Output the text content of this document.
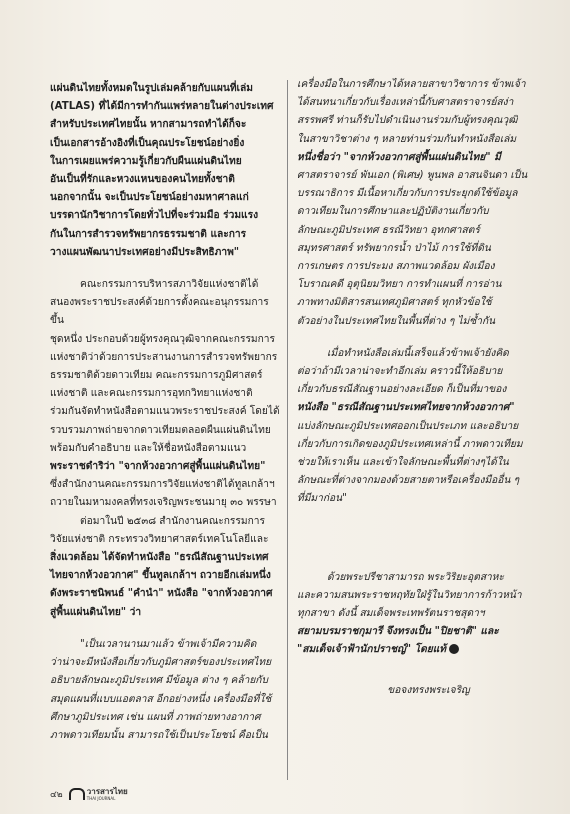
แผ่นดินไทยทั้งหมดในรูปเล่มคล้ายกับแผนที่เล่ม
(ATLAS) ที่ได้มีการทำกันแพร่หลายในต่างประเทศ
สำหรับประเทศไทยนั้น หากสามารถทำได้ก็จะ
เป็นเอกสารอ้างอิงที่เป็นคุณประโยชน์อย่างยิ่ง
ในการเผยแพร่ความรู้เกี่ยวกับผืนแผ่นดินไทย
อันเป็นที่รักและหวงแหนของคนไทยทั้งชาติ
นอกจากนั้น จะเป็นประโยชน์อย่างมหาศาลแก่
บรรดานักวิชาการโดยทั่วไปที่จะร่วมมือ ร่วมแรง
กันในการสำรวจทรัพยากรธรรมชาติ และการ
วางแผนพัฒนาประเทศอย่างมีประสิทธิภาพ"
คณะกรรมการบริหารสภาวิจัยแห่งชาติได้
สนองพระราชประสงค์ด้วยการตั้งคณะอนุกรรมการขึ้น
ชุดหนึ่ง ประกอบด้วยผู้ทรงคุณวุฒิจากคณะกรรมการ
แห่งชาติว่าด้วยการประสานงานการสำรวจทรัพยากร
ธรรมชาติด้วยดาวเทียม คณะกรรมการภูมิศาสตร์
แห่งชาติ และคณะกรรมการอุทกวิทยาแห่งชาติ
ร่วมกันจัดทำหนังสือตามแนวพระราชประสงค์ โดยได้
รวบรวมภาพถ่ายจากดาวเทียมตลอดผืนแผ่นดินไทย
พร้อมกับคำอธิบาย และให้ชื่อหนังสือตามแนว
พระราชดำริว่า "จากห้วงอวกาศสู่พื้นแผ่นดินไทย"
ซึ่งสำนักงานคณะกรรมการวิจัยแห่งชาติได้ทูลเกล้าฯ
ถวายในมหามงคลที่ทรงเจริญพระชนมายุ ๓๐ พรรษา
ต่อมาในปี ๒๕๓๘ สำนักงานคณะกรรมการ
วิจัยแห่งชาติ กระทรวงวิทยาศาสตร์เทคโนโลยีและ
สิ่งแวดล้อม ได้จัดทำหนังสือ "ธรณีสัณฐานประเทศ
ไทยจากห้วงอวกาศ" ขึ้นทูลเกล้าฯ ถวายอีกเล่มหนึ่ง
ดังพระราชนิพนธ์ "คำนำ" หนังสือ "จากห้วงอวกาศ
สู่พื้นแผ่นดินไทย" ว่า
"เป็นเวลานานมาแล้ว ข้าพเจ้ามีความคิด
ว่าน่าจะมีหนังสือเกี่ยวกับภูมิศาสตร์ของประเทศไทย
อธิบายลักษณะภูมิประเทศ มีข้อมูล ต่าง ๆ คล้ายกับ
สมุดแผนที่แบบแอตลาส อีกอย่างหนึ่ง เครื่องมือที่ใช้
ศึกษาภูมิประเทศ เช่น แผนที่ ภาพถ่ายทางอากาศ
ภาพดาวเทียมนั้น สามารถใช้เป็นประโยชน์ คือเป็น
เครื่องมือในการศึกษาได้หลายสาขาวิชาการ ข้าพเจ้า
ได้สนทนาเกี่ยวกับเรื่องเหล่านี้กับศาสตราจารย์สง่า
สรรพศรี ท่านก็รับไปดำเนินงานร่วมกับผู้ทรงคุณวุฒิ
ในสาขาวิชาต่าง ๆ หลายท่านร่วมกันทำหนังสือเล่ม
หนึ่งชื่อว่า "จากห้วงอวกาศสู่พื้นแผ่นดินไทย" มี
ศาสตราจารย์ พันเอก (พิเศษ) พูนพล อาสนจินดา เป็น
บรรณาธิการ มีเนื้อหาเกี่ยวกับการประยุกต์ใช้ข้อมูล
ดาวเทียมในการศึกษาและปฏิบัติงานเกี่ยวกับ
ลักษณะภูมิประเทศ ธรณีวิทยา อุทกศาสตร์
สมุทรศาสตร์ ทรัพยากรน้ำ ป่าไม้ การใช้ที่ดิน
การเกษตร การประมง สภาพแวดล้อม ผังเมือง
โบราณคดี อุตุนิยมวิทยา การทำแผนที่ การอ่าน
ภาพทางมิติสารสนเทศภูมิศาสตร์ ทุกหัวข้อใช้
ตัวอย่างในประเทศไทยในพื้นที่ต่าง ๆ ไม่ซ้ำกัน
เมื่อทำหนังสือเล่มนี้เสร็จแล้วข้าพเจ้ายังคิด
ต่อว่าถ้ามีเวลาน่าจะทำอีกเล่ม คราวนี้ให้อธิบาย
เกี่ยวกับธรณีสัณฐานอย่างละเอียด ก็เป็นที่มาของ
หนังสือ "ธรณีสัณฐานประเทศไทยจากห้วงอวกาศ"
แบ่งลักษณะภูมิประเทศออกเป็นประเภท และอธิบาย
เกี่ยวกับการเกิดของภูมิประเทศเหล่านี้ ภาพดาวเทียม
ช่วยให้เราเห็น และเข้าใจลักษณะพื้นที่ต่างๆได้ใน
ลักษณะที่ต่างจากมองด้วยสายตาหรือเครื่องมืออื่น ๆ
ที่มีมาก่อน"
ด้วยพระปรีชาสามารถ พระวิริยะอุตสาหะ
และความสนพระราชหฤทัยใฝ่รู้ในวิทยาการก้าวหน้า
ทุกสาขา ดังนี้ สมเด็จพระเทพรัตนราชสุดาฯ
สยามบรมราชกุมารี จึงทรงเป็น "ปิยชาติ" และ
"สมเด็จเจ้าฟ้านักปราชญ์" โดยแท้
ขอจงทรงพระเจริญ
๔๒	วารสารไทย
THAI JOURNAL
